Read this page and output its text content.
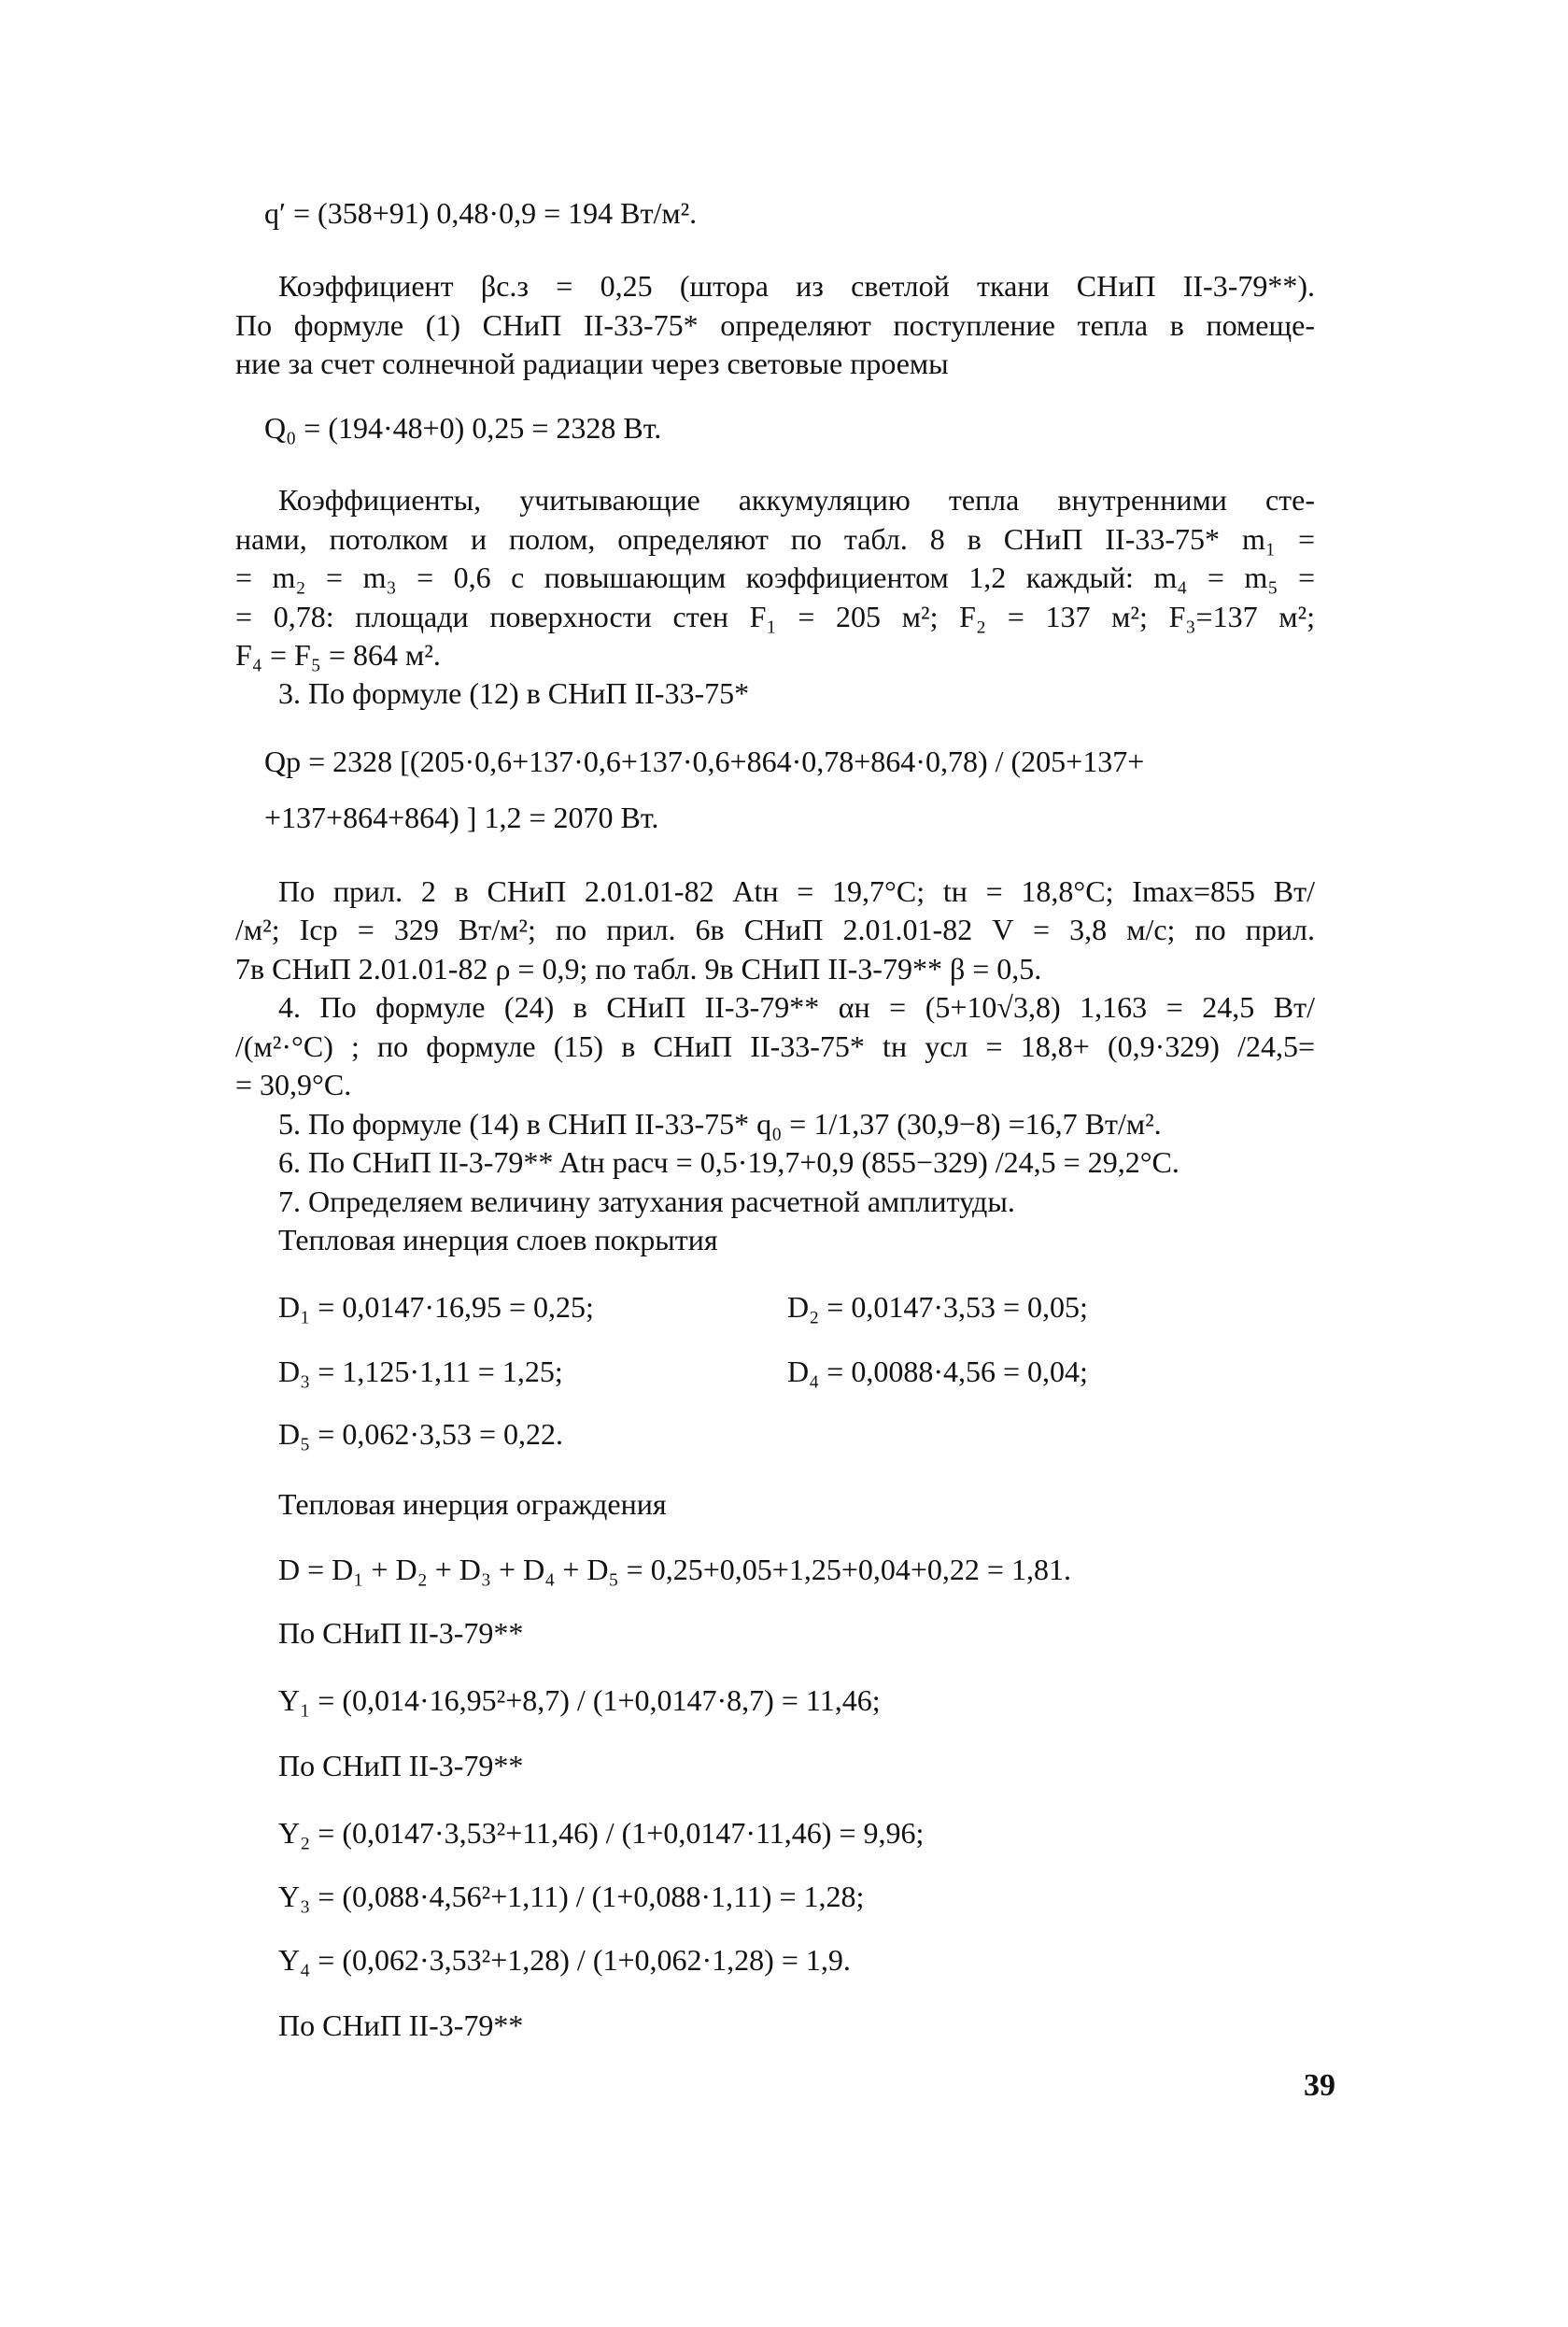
q′ = (358+91) 0,48·0,9 = 194 Вт/м².
Коэффициент βс.з = 0,25 (штора из светлой ткани СНиП II-3-79**).
По формуле (1) СНиП II-33-75* определяют поступление тепла в помеще-
ние за счет солнечной радиации через световые проемы
Q₀ = (194·48+0) 0,25 = 2328 Вт.
Коэффициенты, учитывающие аккумуляцию тепла внутренними сте-
нами, потолком и полом, определяют по табл. 8 в СНиП II-33-75* m₁ =
= m₂ = m₃ = 0,6 с повышающим коэффициентом 1,2 каждый: m₄ = m₅ =
= 0,78: площади поверхности стен F₁ = 205 м²; F₂ = 137 м²; F₃=137 м²;
F₄ = F₅ = 864 м².
3. По формуле (12) в СНиП II-33-75*
Qр = 2328 [(205·0,6+137·0,6+137·0,6+864·0,78+864·0,78) / (205+137+
+137+864+864) ] 1,2 = 2070 Вт.
По прил. 2 в СНиП 2.01.01-82 Atн = 19,7°С; tн = 18,8°С; Imax=855 Вт/
/м²; Iср = 329 Вт/м²; по прил. 6в СНиП 2.01.01-82 V = 3,8 м/с; по прил.
7в СНиП 2.01.01-82 ρ = 0,9; по табл. 9в СНиП II-3-79** β = 0,5.
4. По формуле (24) в СНиП II-3-79** αн = (5+10√3,8) 1,163 = 24,5 Вт/
/(м²·°С) ; по формуле (15) в СНиП II-33-75* tн усл = 18,8+ (0,9·329) /24,5=
= 30,9°С.
5. По формуле (14) в СНиП II-33-75* q₀ = 1/1,37 (30,9−8) =16,7 Вт/м².
6. По СНиП II-3-79** Atн расч = 0,5·19,7+0,9 (855−329) /24,5 = 29,2°С.
7. Определяем величину затухания расчетной амплитуды.
Тепловая инерция слоев покрытия
D₁ = 0,0147·16,95 = 0,25;	D₂ = 0,0147·3,53 = 0,05;
D₃ = 1,125·1,11 = 1,25;	D₄ = 0,0088·4,56 = 0,04;
D₅ = 0,062·3,53 = 0,22.
Тепловая инерция ограждения
D = D₁ + D₂ + D₃ + D₄ + D₅ = 0,25+0,05+1,25+0,04+0,22 = 1,81.
По СНиП II-3-79**
Y₁ = (0,014·16,95²+8,7) / (1+0,0147·8,7) = 11,46;
По СНиП II-3-79**
Y₂ = (0,0147·3,53²+11,46) / (1+0,0147·11,46) = 9,96;
Y₃ = (0,088·4,56²+1,11) / (1+0,088·1,11) = 1,28;
Y₄ = (0,062·3,53²+1,28) / (1+0,062·1,28) = 1,9.
По СНиП II-3-79**
39
